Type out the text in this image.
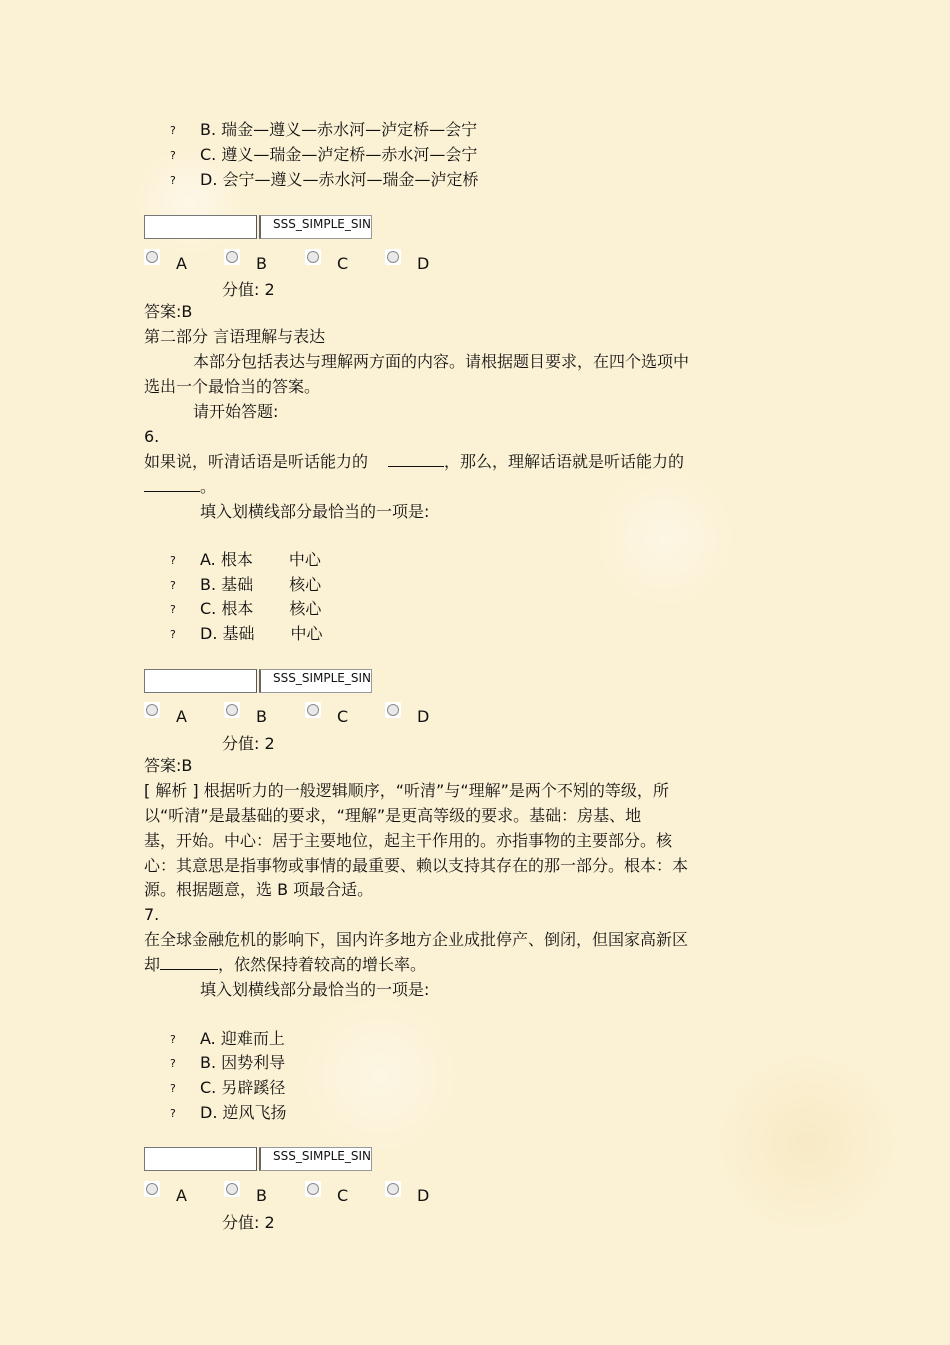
? B. 瑞金—遵义—赤水河—泸定桥—会宁
? C. 遵义—瑞金—泸定桥—赤水河—会宁
? D. 会宁—遵义—赤水河—瑞金—泸定桥
SSS_SIMPLE_SIN
A	B	C	D
分值: 2
答案:B
第二部分 言语理解与表达
本部分包括表达与理解两方面的内容。请根据题目要求，在四个选项中
选出一个最恰当的答案。
请开始答题:
6.
如果说，听清话语是听话能力的	，那么，理解话语就是听话能力的
。
填入划横线部分最恰当的一项是:
? A. 根本 中心
? B. 基础 核心
? C. 根本 核心
? D. 基础 中心
SSS_SIMPLE_SIN
A	B	C	D
分值: 2
答案:B
[ 解析 ] 根据听力的一般逻辑顺序，“听清”与“理解”是两个不矧的等级，所
以“听清”是最基础的要求，“理解”是更高等级的要求。基础：房基、地
基，开始。中心：居于主要地位，起主干作用的。亦指事物的主要部分。核
心：其意思是指事物或事情的最重要、赖以支持其存在的那一部分。根本：本
源。根据题意，选 B 项最合适。
7.
在全球金融危机的影响下，国内许多地方企业成批停产、倒闭，但国家高新区
却	，依然保持着较高的增长率。
填入划横线部分最恰当的一项是:
? A. 迎难而上
? B. 因势利导
? C. 另辟蹊径
? D. 逆风飞扬
SSS_SIMPLE_SIN
A	B	C	D
分值: 2
